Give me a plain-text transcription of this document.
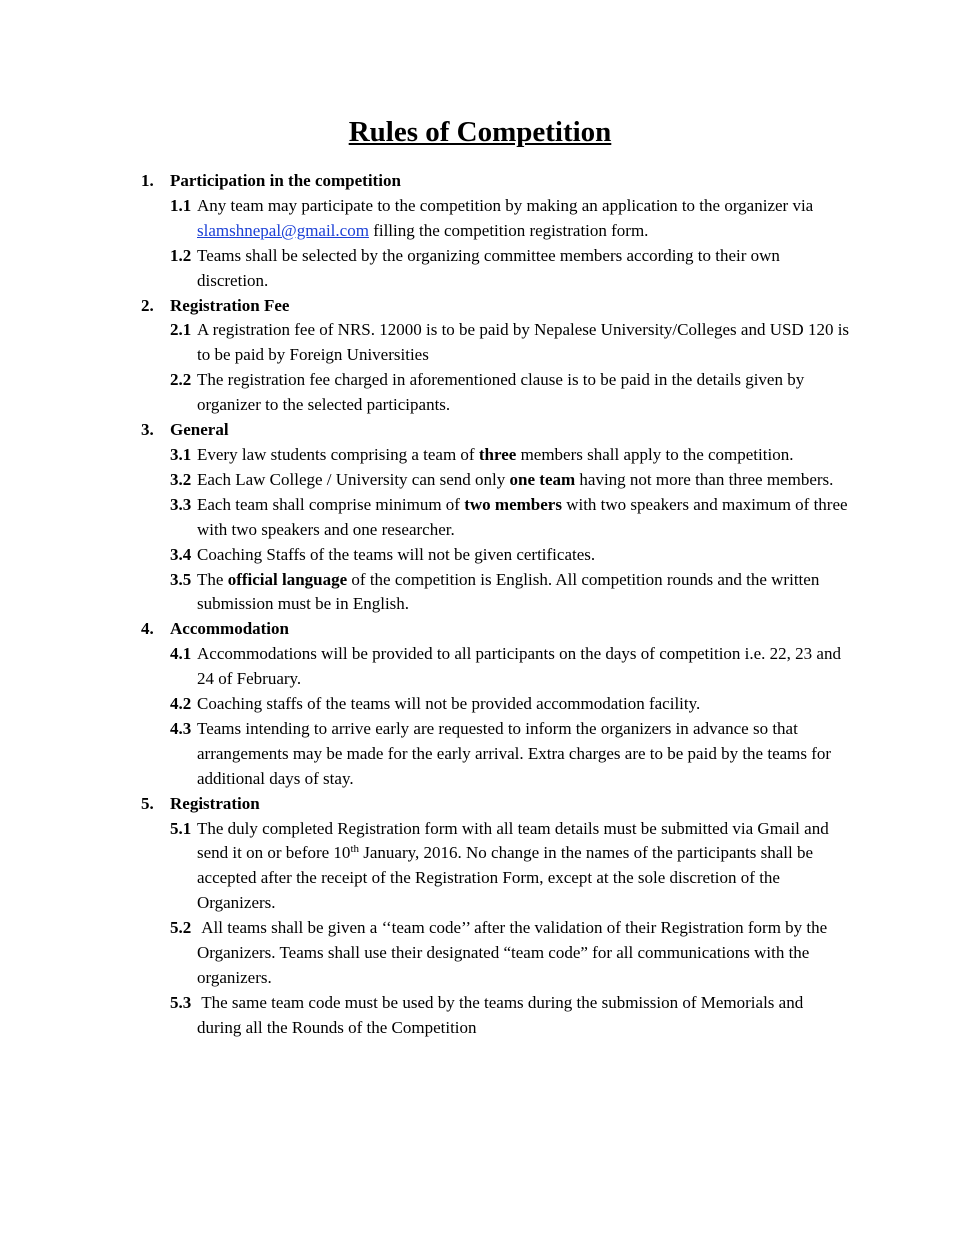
Rules of Competition
1. Participation in the competition
1.1 Any team may participate to the competition by making an application to the organizer via slamshnepal@gmail.com filling the competition registration form.
1.2 Teams shall be selected by the organizing committee members according to their own discretion.
2. Registration Fee
2.1 A registration fee of NRS. 12000 is to be paid by Nepalese University/Colleges and USD 120 is to be paid by Foreign Universities
2.2 The registration fee charged in aforementioned clause is to be paid in the details given by organizer to the selected participants.
3. General
3.1 Every law students comprising a team of three members shall apply to the competition.
3.2 Each Law College / University can send only one team having not more than three members.
3.3 Each team shall comprise minimum of two members with two speakers and maximum of three with two speakers and one researcher.
3.4 Coaching Staffs of the teams will not be given certificates.
3.5 The official language of the competition is English. All competition rounds and the written submission must be in English.
4. Accommodation
4.1 Accommodations will be provided to all participants on the days of competition i.e. 22, 23 and 24 of February.
4.2 Coaching staffs of the teams will not be provided accommodation facility.
4.3 Teams intending to arrive early are requested to inform the organizers in advance so that arrangements may be made for the early arrival. Extra charges are to be paid by the teams for additional days of stay.
5. Registration
5.1 The duly completed Registration form with all team details must be submitted via Gmail and send it on or before 10th January, 2016. No change in the names of the participants shall be accepted after the receipt of the Registration Form, except at the sole discretion of the Organizers.
5.2 All teams shall be given a ‘‘team code’’ after the validation of their Registration form by the Organizers. Teams shall use their designated “team code” for all communications with the organizers.
5.3 The same team code must be used by the teams during the submission of Memorials and during all the Rounds of the Competition
